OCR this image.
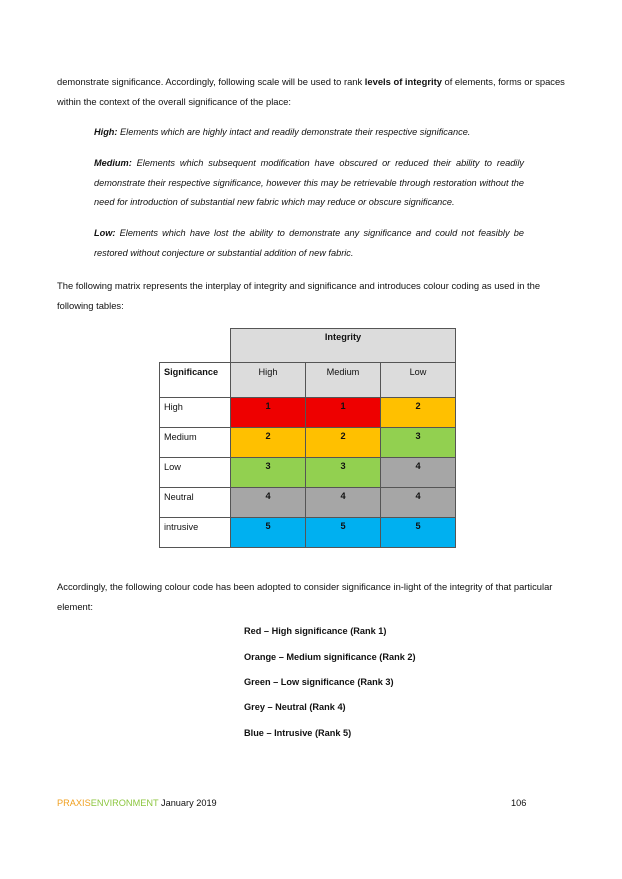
demonstrate significance. Accordingly, following scale will be used to rank levels of integrity of elements, forms or spaces within the context of the overall significance of the place:
High: Elements which are highly intact and readily demonstrate their respective significance.
Medium: Elements which subsequent modification have obscured or reduced their ability to readily demonstrate their respective significance, however this may be retrievable through restoration without the need for introduction of substantial new fabric which may reduce or obscure significance.
Low: Elements which have lost the ability to demonstrate any significance and could not feasibly be restored without conjecture or substantial addition of new fabric.
The following matrix represents the interplay of integrity and significance and introduces colour coding as used in the following tables:
	Integrity		
Significance	High	Medium	Low
High	1	1	2
Medium	2	2	3
Low	3	3	4
Neutral	4	4	4
intrusive	5	5	5
Accordingly, the following colour code has been adopted to consider significance in-light of the integrity of that particular element:
Red – High significance (Rank 1)
Orange – Medium significance (Rank 2)
Green – Low significance (Rank 3)
Grey – Neutral (Rank 4)
Blue – Intrusive (Rank 5)
PRAXISENVIRONMENT January 2019	106
